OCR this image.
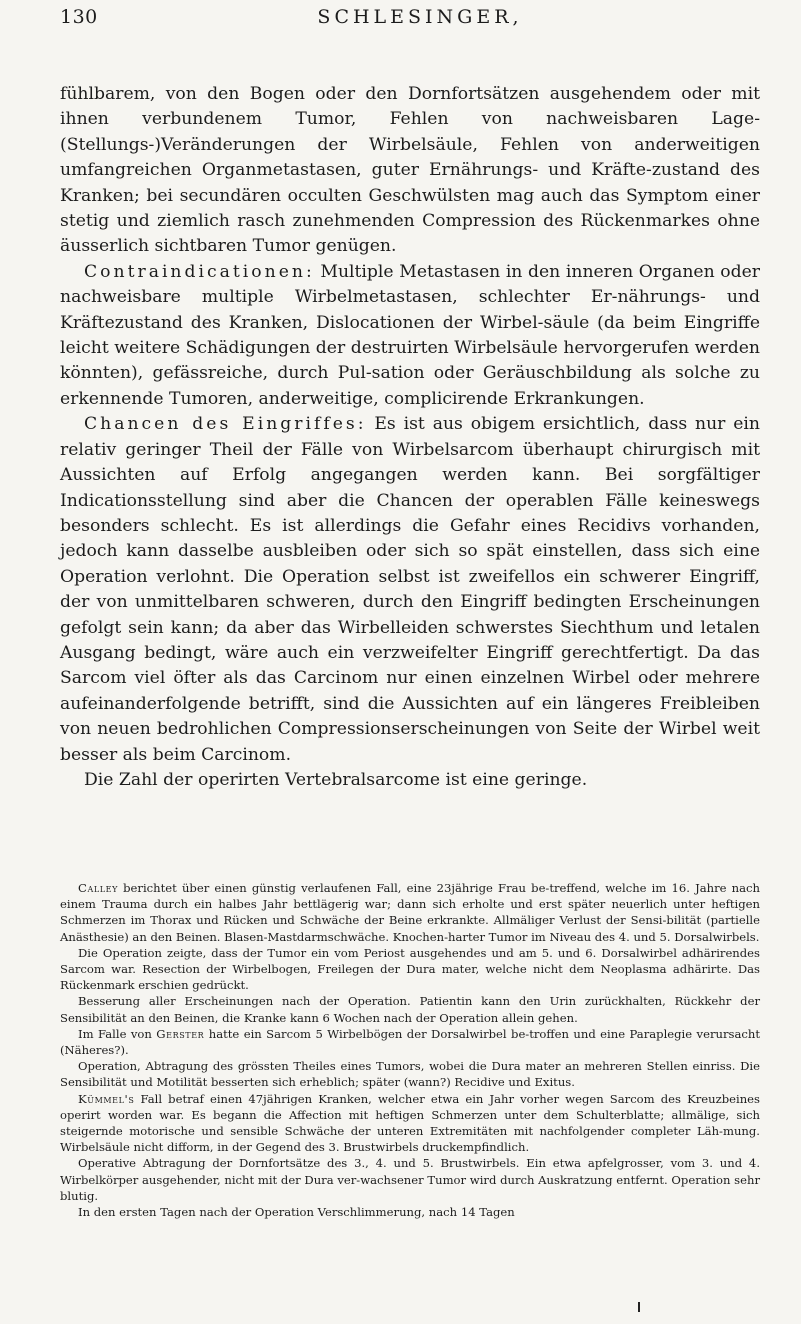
130	SCHLESINGER,

fühlbarem, von den Bogen oder den Dornfortsätzen ausgehendem oder mit ihnen verbundenem Tumor, Fehlen von nachweisbaren Lage-(Stellungs-)Veränderungen der Wirbelsäule, Fehlen von anderweitigen umfangreichen Organmetastasen, guter Ernährungs- und Kräfte-zustand des Kranken; bei secundären occulten Geschwülsten mag auch das Symptom einer stetig und ziemlich rasch zunehmenden Compression des Rückenmarkes ohne äusserlich sichtbaren Tumor genügen.

Contraindicationen: Multiple Metastasen in den inneren Organen oder nachweisbare multiple Wirbelmetastasen, schlechter Er-nährungs- und Kräftezustand des Kranken, Dislocationen der Wirbel-säule (da beim Eingriffe leicht weitere Schädigungen der destruirten Wirbelsäule hervorgerufen werden könnten), gefässreiche, durch Pul-sation oder Geräuschbildung als solche zu erkennende Tumoren, anderweitige, complicirende Erkrankungen.

Chancen des Eingriffes: Es ist aus obigem ersichtlich, dass nur ein relativ geringer Theil der Fälle von Wirbelsarcom überhaupt chirurgisch mit Aussichten auf Erfolg angegangen werden kann. Bei sorgfältiger Indicationsstellung sind aber die Chancen der operablen Fälle keineswegs besonders schlecht. Es ist allerdings die Gefahr eines Recidivs vorhanden, jedoch kann dasselbe ausbleiben oder sich so spät einstellen, dass sich eine Operation verlohnt. Die Operation selbst ist zweifellos ein schwerer Eingriff, der von unmittelbaren schweren, durch den Eingriff bedingten Erscheinungen gefolgt sein kann; da aber das Wirbelleiden schwerstes Siechthum und letalen Ausgang bedingt, wäre auch ein verzweifelter Eingriff gerechtfertigt. Da das Sarcom viel öfter als das Carcinom nur einen einzelnen Wirbel oder mehrere aufeinanderfolgende betrifft, sind die Aussichten auf ein längeres Freibleiben von neuen bedrohlichen Compressionserscheinungen von Seite der Wirbel weit besser als beim Carcinom.

Die Zahl der operirten Vertebralsarcome ist eine geringe.

Calley berichtet über einen günstig verlaufenen Fall, eine 23jährige Frau be-treffend, welche im 16. Jahre nach einem Trauma durch ein halbes Jahr bettlägerig war; dann sich erholte und erst später neuerlich unter heftigen Schmerzen im Thorax und Rücken und Schwäche der Beine erkrankte. Allmäliger Verlust der Sensi-bilität (partielle Anästhesie) an den Beinen. Blasen-Mastdarmschwäche. Knochen-harter Tumor im Niveau des 4. und 5. Dorsalwirbels.

Die Operation zeigte, dass der Tumor ein vom Periost ausgehendes und am 5. und 6. Dorsalwirbel adhärirendes Sarcom war. Resection der Wirbelbogen, Freilegen der Dura mater, welche nicht dem Neoplasma adhärirte. Das Rückenmark erschien gedrückt.

Besserung aller Erscheinungen nach der Operation. Patientin kann den Urin zurückhalten, Rückkehr der Sensibilität an den Beinen, die Kranke kann 6 Wochen nach der Operation allein gehen.

Im Falle von Gerster hatte ein Sarcom 5 Wirbelbögen der Dorsalwirbel be-troffen und eine Paraplegie verursacht (Näheres?).

Operation, Abtragung des grössten Theiles eines Tumors, wobei die Dura mater an mehreren Stellen einriss. Die Sensibilität und Motilität besserten sich erheblich; später (wann?) Recidive und Exitus.

Kümmel's Fall betraf einen 47jährigen Kranken, welcher etwa ein Jahr vorher wegen Sarcom des Kreuzbeines operirt worden war. Es begann die Affection mit heftigen Schmerzen unter dem Schulterblatte; allmälige, sich steigernde motorische und sensible Schwäche der unteren Extremitäten mit nachfolgender completer Läh-mung. Wirbelsäule nicht difform, in der Gegend des 3. Brustwirbels druckempfindlich.

Operative Abtragung der Dornfortsätze des 3., 4. und 5. Brustwirbels. Ein etwa apfelgrosser, vom 3. und 4. Wirbelkörper ausgehender, nicht mit der Dura ver-wachsener Tumor wird durch Auskratzung entfernt. Operation sehr blutig.

In den ersten Tagen nach der Operation Verschlimmerung, nach 14 Tagen
